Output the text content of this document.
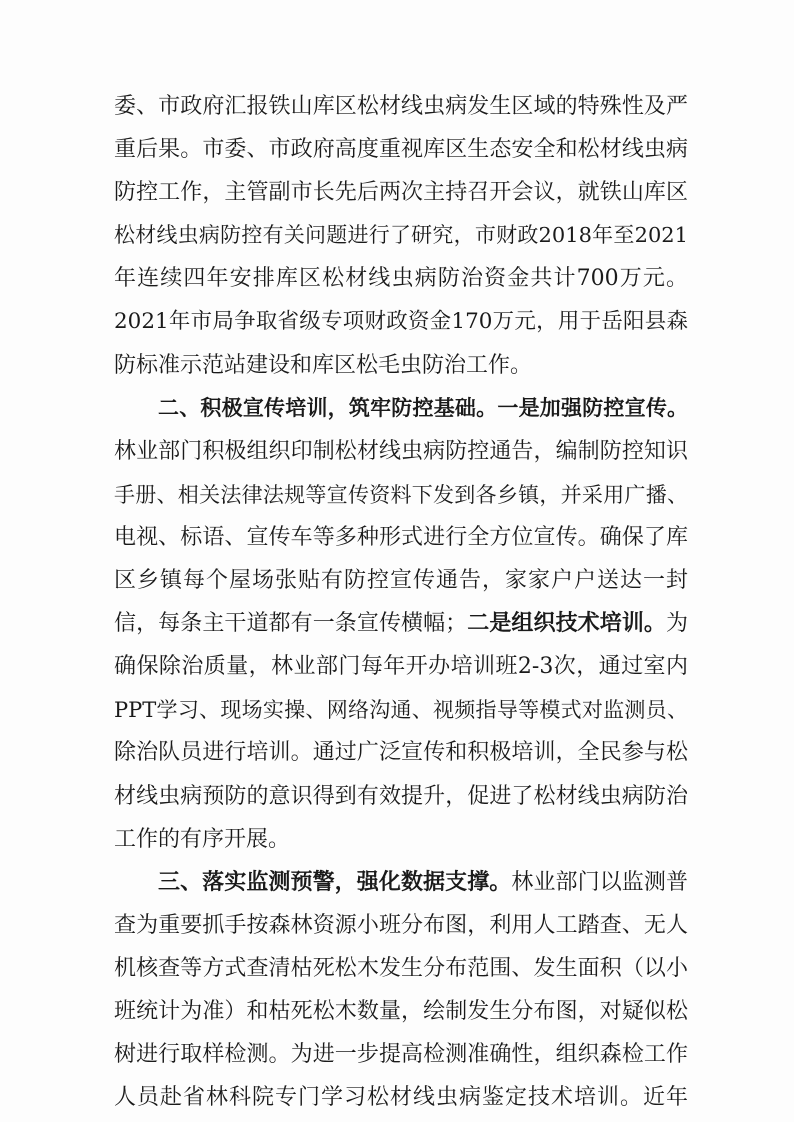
委、市政府汇报铁山库区松材线虫病发生区域的特殊性及严
重后果。市委、市政府高度重视库区生态安全和松材线虫病
防控工作，主管副市长先后两次主持召开会议，就铁山库区
松材线虫病防控有关问题进行了研究，市财政2018年至2021
年连续四年安排库区松材线虫病防治资金共计700万元。
2021年市局争取省级专项财政资金170万元，用于岳阳县森
防标准示范站建设和库区松毛虫防治工作。
二、积极宣传培训，筑牢防控基础。一是加强防控宣传。
林业部门积极组织印制松材线虫病防控通告，编制防控知识
手册、相关法律法规等宣传资料下发到各乡镇，并采用广播、
电视、标语、宣传车等多种形式进行全方位宣传。确保了库
区乡镇每个屋场张贴有防控宣传通告，家家户户送达一封
信，每条主干道都有一条宣传横幅；二是组织技术培训。为
确保除治质量，林业部门每年开办培训班2-3次，通过室内
PPT学习、现场实操、网络沟通、视频指导等模式对监测员、
除治队员进行培训。通过广泛宣传和积极培训，全民参与松
材线虫病预防的意识得到有效提升，促进了松材线虫病防治
工作的有序开展。
三、落实监测预警，强化数据支撑。林业部门以监测普
查为重要抓手按森林资源小班分布图，利用人工踏查、无人
机核查等方式查清枯死松木发生分布范围、发生面积（以小
班统计为准）和枯死松木数量，绘制发生分布图，对疑似松
树进行取样检测。为进一步提高检测准确性，组织森检工作
人员赴省林科院专门学习松材线虫病鉴定技术培训。近年
